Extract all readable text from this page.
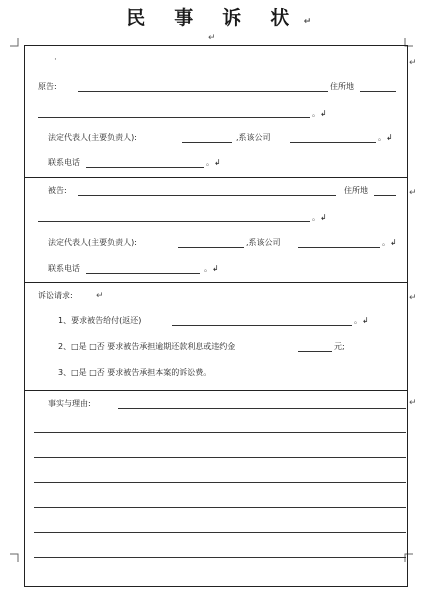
民 事 诉 状 ↵
↵
↵
↵
↵
↵
·
原告:	住所地
。↲
法定代表人(主要负责人):	,系该公司	。↲
联系电话	。↲
被告:	住所地
。↲
法定代表人(主要负责人):	,系该公司	。↲
联系电话	。↲
诉讼请求:	↵
1、要求被告给付(返还)	。↲
2、□是 □否 要求被告承担逾期还款利息或违约金	元;
3、□是 □否 要求被告承担本案的诉讼费。
事实与理由:
